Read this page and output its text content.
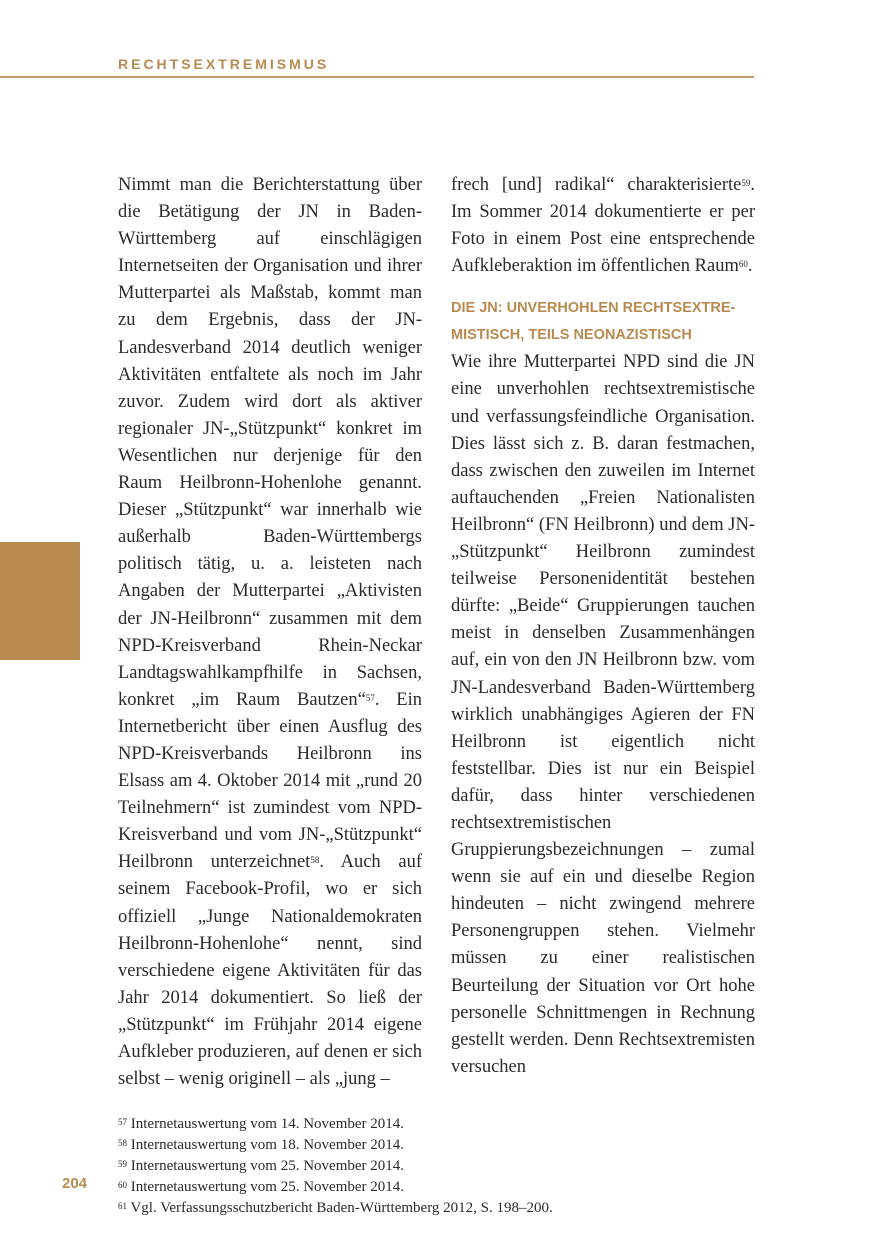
RECHTSEXTREMISMUS

Nimmt man die Berichterstattung über die Betätigung der JN in Baden-Württemberg auf einschlägigen Internetseiten der Organisation und ihrer Mutterpartei als Maßstab, kommt man zu dem Ergebnis, dass der JN-Landesverband 2014 deutlich weniger Aktivitäten entfaltete als noch im Jahr zuvor. Zudem wird dort als aktiver regionaler JN-„Stützpunkt“ konkret im Wesentlichen nur derjenige für den Raum Heilbronn-Hohenlohe genannt. Dieser „Stützpunkt“ war innerhalb wie außerhalb Baden-Württembergs politisch tätig, u. a. leisteten nach Angaben der Mutterpartei „Aktivisten der JN-Heilbronn“ zusammen mit dem NPD-Kreisverband Rhein-Neckar Landtagswahlkampfhilfe in Sachsen, konkret „im Raum Bautzen“$^{57}$. Ein Internetbericht über einen Ausflug des NPD-Kreisverbands Heilbronn ins Elsass am 4. Oktober 2014 mit „rund 20 Teilnehmern“ ist zumindest vom NPD-Kreisverband und vom JN-„Stützpunkt“ Heilbronn unterzeichnet$^{58}$. Auch auf seinem Facebook-Profil, wo er sich offiziell „Junge Nationaldemokraten Heilbronn-Hohenlohe“ nennt, sind verschiedene eigene Aktivitäten für das Jahr 2014 dokumentiert. So ließ der „Stützpunkt“ im Frühjahr 2014 eigene Aufkleber produzieren, auf denen er sich selbst – wenig originell – als „jung –

frech [und] radikal“ charakterisierte$^{59}$. Im Sommer 2014 dokumentierte er per Foto in einem Post eine entsprechende Aufkleberaktion im öffentlichen Raum$^{60}$.

DIE JN: UNVERHOHLEN RECHTSEXTRE-
MISTISCH, TEILS NEONAZISTISCH

Wie ihre Mutterpartei NPD sind die JN eine unverhohlen rechtsextremistische und verfassungsfeindliche Organisation. Dies lässt sich z. B. daran festmachen, dass zwischen den zuweilen im Internet auftauchenden „Freien Nationalisten Heilbronn“ (FN Heilbronn) und dem JN-„Stützpunkt“ Heilbronn zumindest teilweise Personenidentität bestehen dürfte: „Beide“ Gruppierungen tauchen meist in denselben Zusammenhängen auf, ein von den JN Heilbronn bzw. vom JN-Landesverband Baden-Württemberg wirklich unabhängiges Agieren der FN Heilbronn ist eigentlich nicht feststellbar. Dies ist nur ein Beispiel dafür, dass hinter verschiedenen rechtsextremistischen Gruppierungsbezeichnungen – zumal wenn sie auf ein und dieselbe Region hindeuten – nicht zwingend mehrere Personengruppen stehen. Vielmehr müssen zu einer realistischen Beurteilung der Situation vor Ort hohe personelle Schnittmengen in Rechnung gestellt werden. Denn Rechtsextremisten versuchen

$^{57}$ Internetauswertung vom 14. November 2014.
$^{58}$ Internetauswertung vom 18. November 2014.
$^{59}$ Internetauswertung vom 25. November 2014.
$^{60}$ Internetauswertung vom 25. November 2014.
$^{61}$ Vgl. Verfassungsschutzbericht Baden-Württemberg 2012, S. 198–200.
204
